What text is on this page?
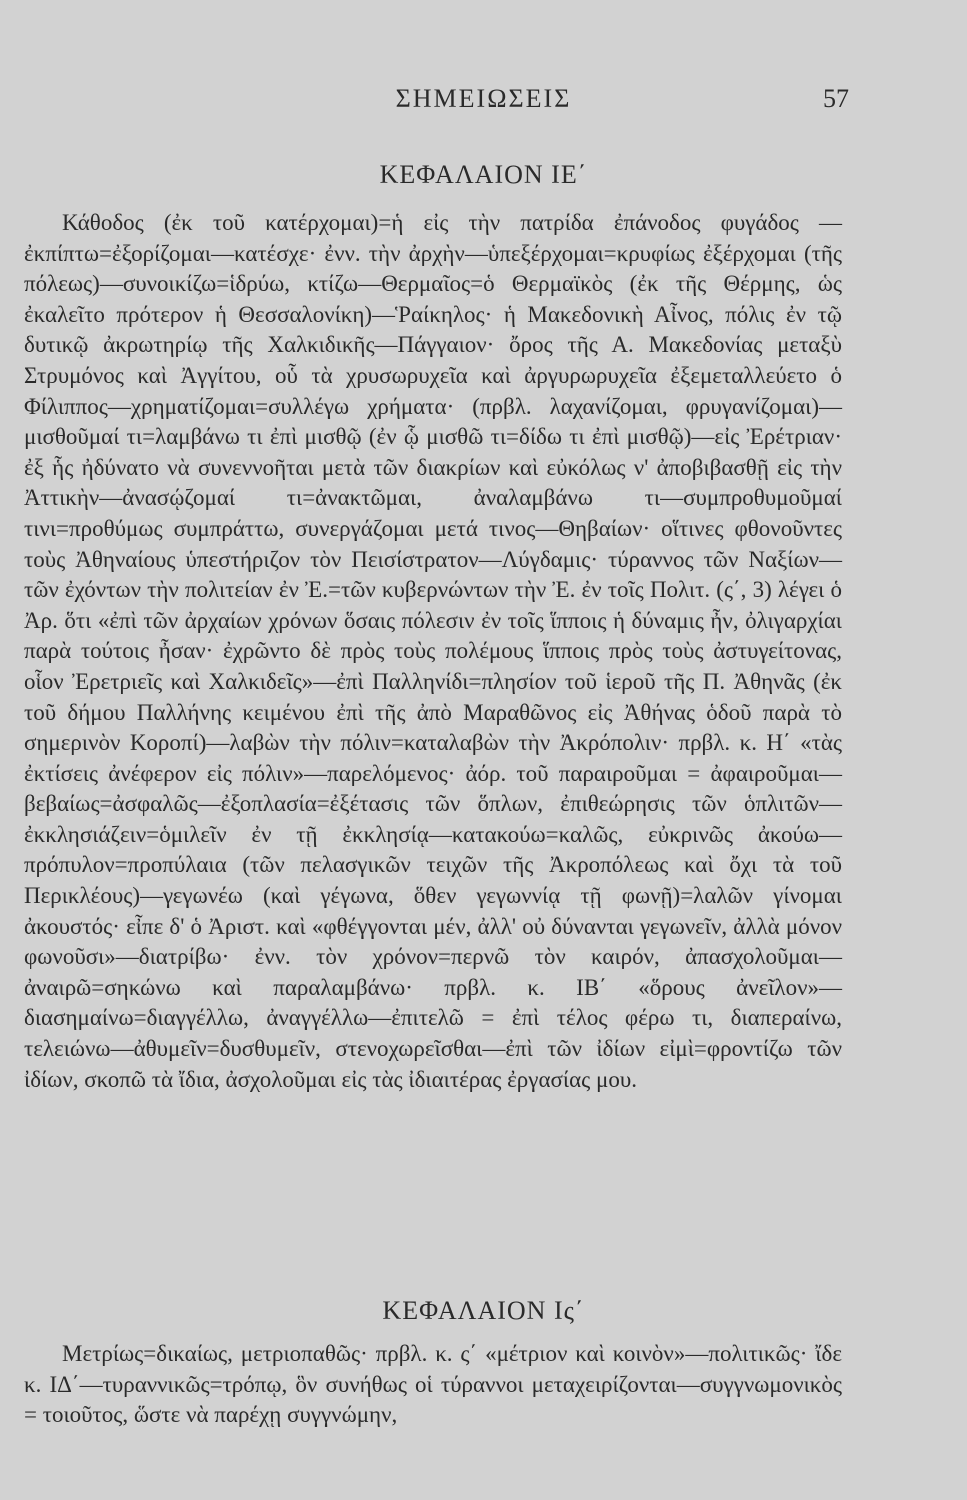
ΣΗΜΕΙΩΣΕΙΣ	57
ΚΕΦΑΛΑΙΟΝ ΙΕ΄

Κάθοδος (ἐκ τοῦ κατέρχομαι)=ἡ εἰς τὴν πατρίδα ἐπάνοδος φυγάδος —ἐκπίπτω=ἐξορίζομαι—κατέσχε· ἐνν. τὴν ἀρχὴν—ὑπεξέρχομαι=κρυφίως ἐξέρχομαι (τῆς πόλεως)—συνοικίζω=ἱδρύω, κτίζω—Θερμαῖος=ὁ Θερμαϊκὸς (ἐκ τῆς Θέρμης, ὡς ἐκαλεῖτο πρότερον ἡ Θεσσαλονίκη)—Ῥαίκηλος· ἡ Μακεδονικὴ Αἶνος, πόλις ἐν τῷ δυτικῷ ἀκρωτηρίῳ τῆς Χαλκιδικῆς—Πάγγαιον· ὄρος τῆς Α. Μακεδονίας μεταξὺ Στρυμόνος καὶ Ἀγγίτου, οὗ τὰ χρυσωρυχεῖα καὶ ἀργυρωρυχεῖα ἐξεμεταλλεύετο ὁ Φίλιππος—χρηματίζομαι=συλλέγω χρήματα· (πρβλ. λαχανίζομαι, φρυγανίζομαι)—μισθοῦμαί τι=λαμβάνω τι ἐπὶ μισθῷ (ἐν ᾧ μισθῶ τι=δίδω τι ἐπὶ μισθῷ)—εἰς Ἐρέτριαν· ἐξ ἧς ἠδύνατο νὰ συνεννοῆται μετὰ τῶν διακρίων καὶ εὐκόλως ν' ἀποβιβασθῇ εἰς τὴν Ἀττικὴν—ἀνασῴζομαί τι=ἀνακτῶμαι, ἀναλαμβάνω τι—συμπροθυμοῦμαί τινι=προθύμως συμπράττω, συνεργάζομαι μετά τινος—Θηβαίων· οἵτινες φθονοῦντες τοὺς Ἀθηναίους ὑπεστήριζον τὸν Πεισίστρατον—Λύγδαμις· τύραννος τῶν Ναξίων—τῶν ἐχόντων τὴν πολιτείαν ἐν Ἐ.=τῶν κυβερνώντων τὴν Ἐ. ἐν τοῖς Πολιτ. (ς΄, 3) λέγει ὁ Ἀρ. ὅτι «ἐπὶ τῶν ἀρχαίων χρόνων ὅσαις πόλεσιν ἐν τοῖς ἵπποις ἡ δύναμις ἦν, ὀλιγαρχίαι παρὰ τούτοις ἦσαν· ἐχρῶντο δὲ πρὸς τοὺς πολέμους ἵπποις πρὸς τοὺς ἀστυγείτονας, οἷον Ἐρετριεῖς καὶ Χαλκιδεῖς»—ἐπὶ Παλληνίδι=πλησίον τοῦ ἱεροῦ τῆς Π. Ἀθηνᾶς (ἐκ τοῦ δήμου Παλλήνης κειμένου ἐπὶ τῆς ἀπὸ Μαραθῶνος εἰς Ἀθήνας ὁδοῦ παρὰ τὸ σημερινὸν Κοροπί)—λαβὼν τὴν πόλιν=καταλαβὼν τὴν Ἀκρόπολιν· πρβλ. κ. Η΄ «τὰς ἐκτίσεις ἀνέφερον εἰς πόλιν»—παρελόμενος· ἀόρ. τοῦ παραιροῦμαι = ἀφαιροῦμαι—βεβαίως=ἀσφαλῶς—ἐξοπλασία=ἐξέτασις τῶν ὅπλων, ἐπιθεώρησις τῶν ὁπλιτῶν—ἐκκλησιάζειν=ὁμιλεῖν ἐν τῇ ἐκκλησίᾳ—κατακούω=καλῶς, εὐκρινῶς ἀκούω—πρόπυλον=προπύλαια (τῶν πελασγικῶν τειχῶν τῆς Ἀκροπόλεως καὶ ὄχι τὰ τοῦ Περικλέους)—γεγωνέω (καὶ γέγωνα, ὅθεν γεγωννίᾳ τῇ φωνῇ)=λαλῶν γίνομαι ἀκουστός· εἶπε δ' ὁ Ἀριστ. καὶ «φθέγγονται μέν, ἀλλ' οὐ δύνανται γεγωνεῖν, ἀλλὰ μόνον φωνοῦσι»—διατρίβω· ἐνν. τὸν χρόνον=περνῶ τὸν καιρόν, ἀπασχολοῦμαι—ἀναιρῶ=σηκώνω καὶ παραλαμβάνω· πρβλ. κ. ΙΒ΄ «ὅρους ἀνεῖλον»—διασημαίνω=διαγγέλλω, ἀναγγέλλω—ἐπιτελῶ = ἐπὶ τέλος φέρω τι, διαπεραίνω, τελειώνω—ἀθυμεῖν=δυσθυμεῖν, στενοχωρεῖσθαι—ἐπὶ τῶν ἰδίων εἰμὶ=φροντίζω τῶν ἰδίων, σκοπῶ τὰ ἴδια, ἀσχολοῦμαι εἰς τὰς ἰδιαιτέρας ἐργασίας μου.

ΚΕΦΑΛΑΙΟΝ Ις΄

Μετρίως=δικαίως, μετριοπαθῶς· πρβλ. κ. ς΄ «μέτριον καὶ κοινὸν»—πολιτικῶς· ἴδε κ. ΙΔ΄—τυραννικῶς=τρόπῳ, ὃν συνήθως οἱ τύραννοι μεταχειρίζονται—συγγνωμονικὸς = τοιοῦτος, ὥστε νὰ παρέχῃ συγγνώμην,
